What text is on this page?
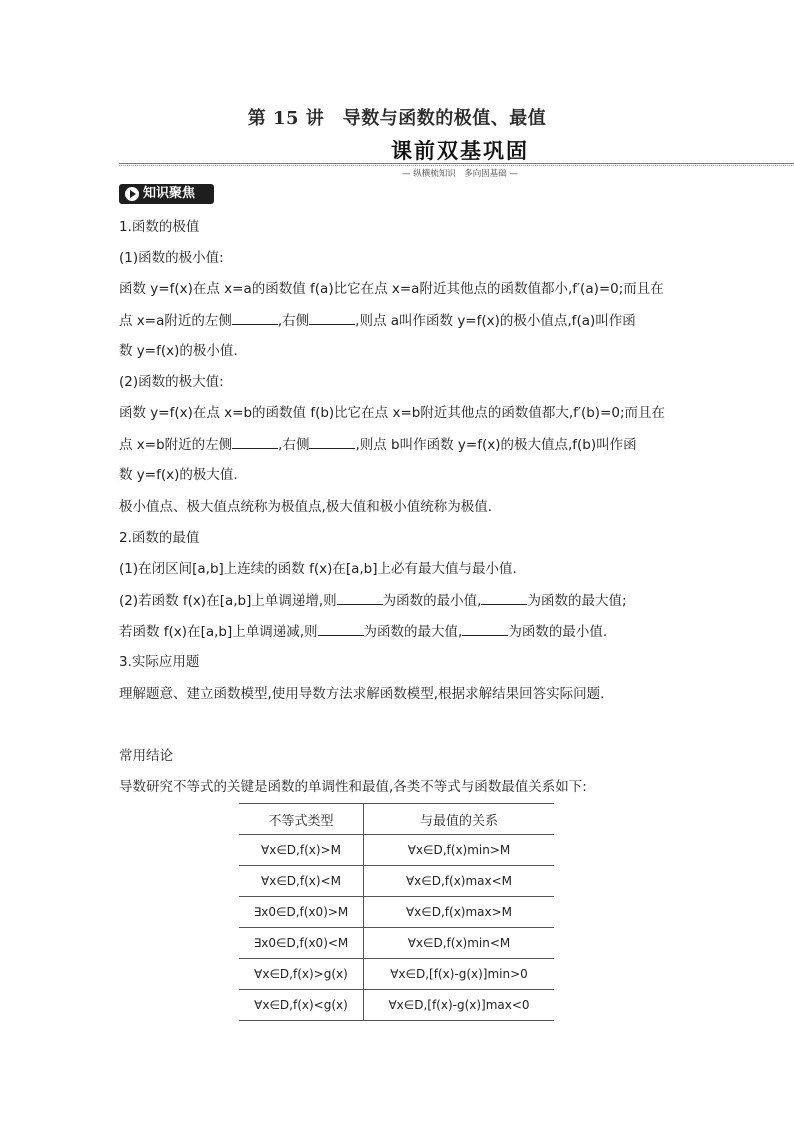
第 15 讲　导数与函数的极值、最值
课前双基巩固
— 纵横梳知识　多向固基础 —
知识聚焦
1.函数的极值
(1)函数的极小值:
函数 y=f(x)在点 x=a的函数值 f(a)比它在点 x=a附近其他点的函数值都小,f′(a)=0;而且在
点 x=a附近的左侧	,右侧	,则点 a叫作函数 y=f(x)的极小值点,f(a)叫作函
数 y=f(x)的极小值.
(2)函数的极大值:
函数 y=f(x)在点 x=b的函数值 f(b)比它在点 x=b附近其他点的函数值都大,f′(b)=0;而且在
点 x=b附近的左侧	,右侧	,则点 b叫作函数 y=f(x)的极大值点,f(b)叫作函
数 y=f(x)的极大值.
极小值点、极大值点统称为极值点,极大值和极小值统称为极值.
2.函数的最值
(1)在闭区间[a,b]上连续的函数 f(x)在[a,b]上必有最大值与最小值.
(2)若函数 f(x)在[a,b]上单调递增,则	为函数的最小值,	为函数的最大值;
若函数 f(x)在[a,b]上单调递减,则	为函数的最大值,	为函数的最小值.
3.实际应用题
理解题意、建立函数模型,使用导数方法求解函数模型,根据求解结果回答实际问题.
常用结论
导数研究不等式的关键是函数的单调性和最值,各类不等式与函数最值关系如下:
不等式类型	与最值的关系
∀x∈D,f(x)>M	∀x∈D,f(x)min>M
∀x∈D,f(x)<M	∀x∈D,f(x)max<M
∃x0∈D,f(x0)>M	∀x∈D,f(x)max>M
∃x0∈D,f(x0)<M	∀x∈D,f(x)min<M
∀x∈D,f(x)>g(x)	∀x∈D,[f(x)-g(x)]min>0
∀x∈D,f(x)<g(x)	∀x∈D,[f(x)-g(x)]max<0
